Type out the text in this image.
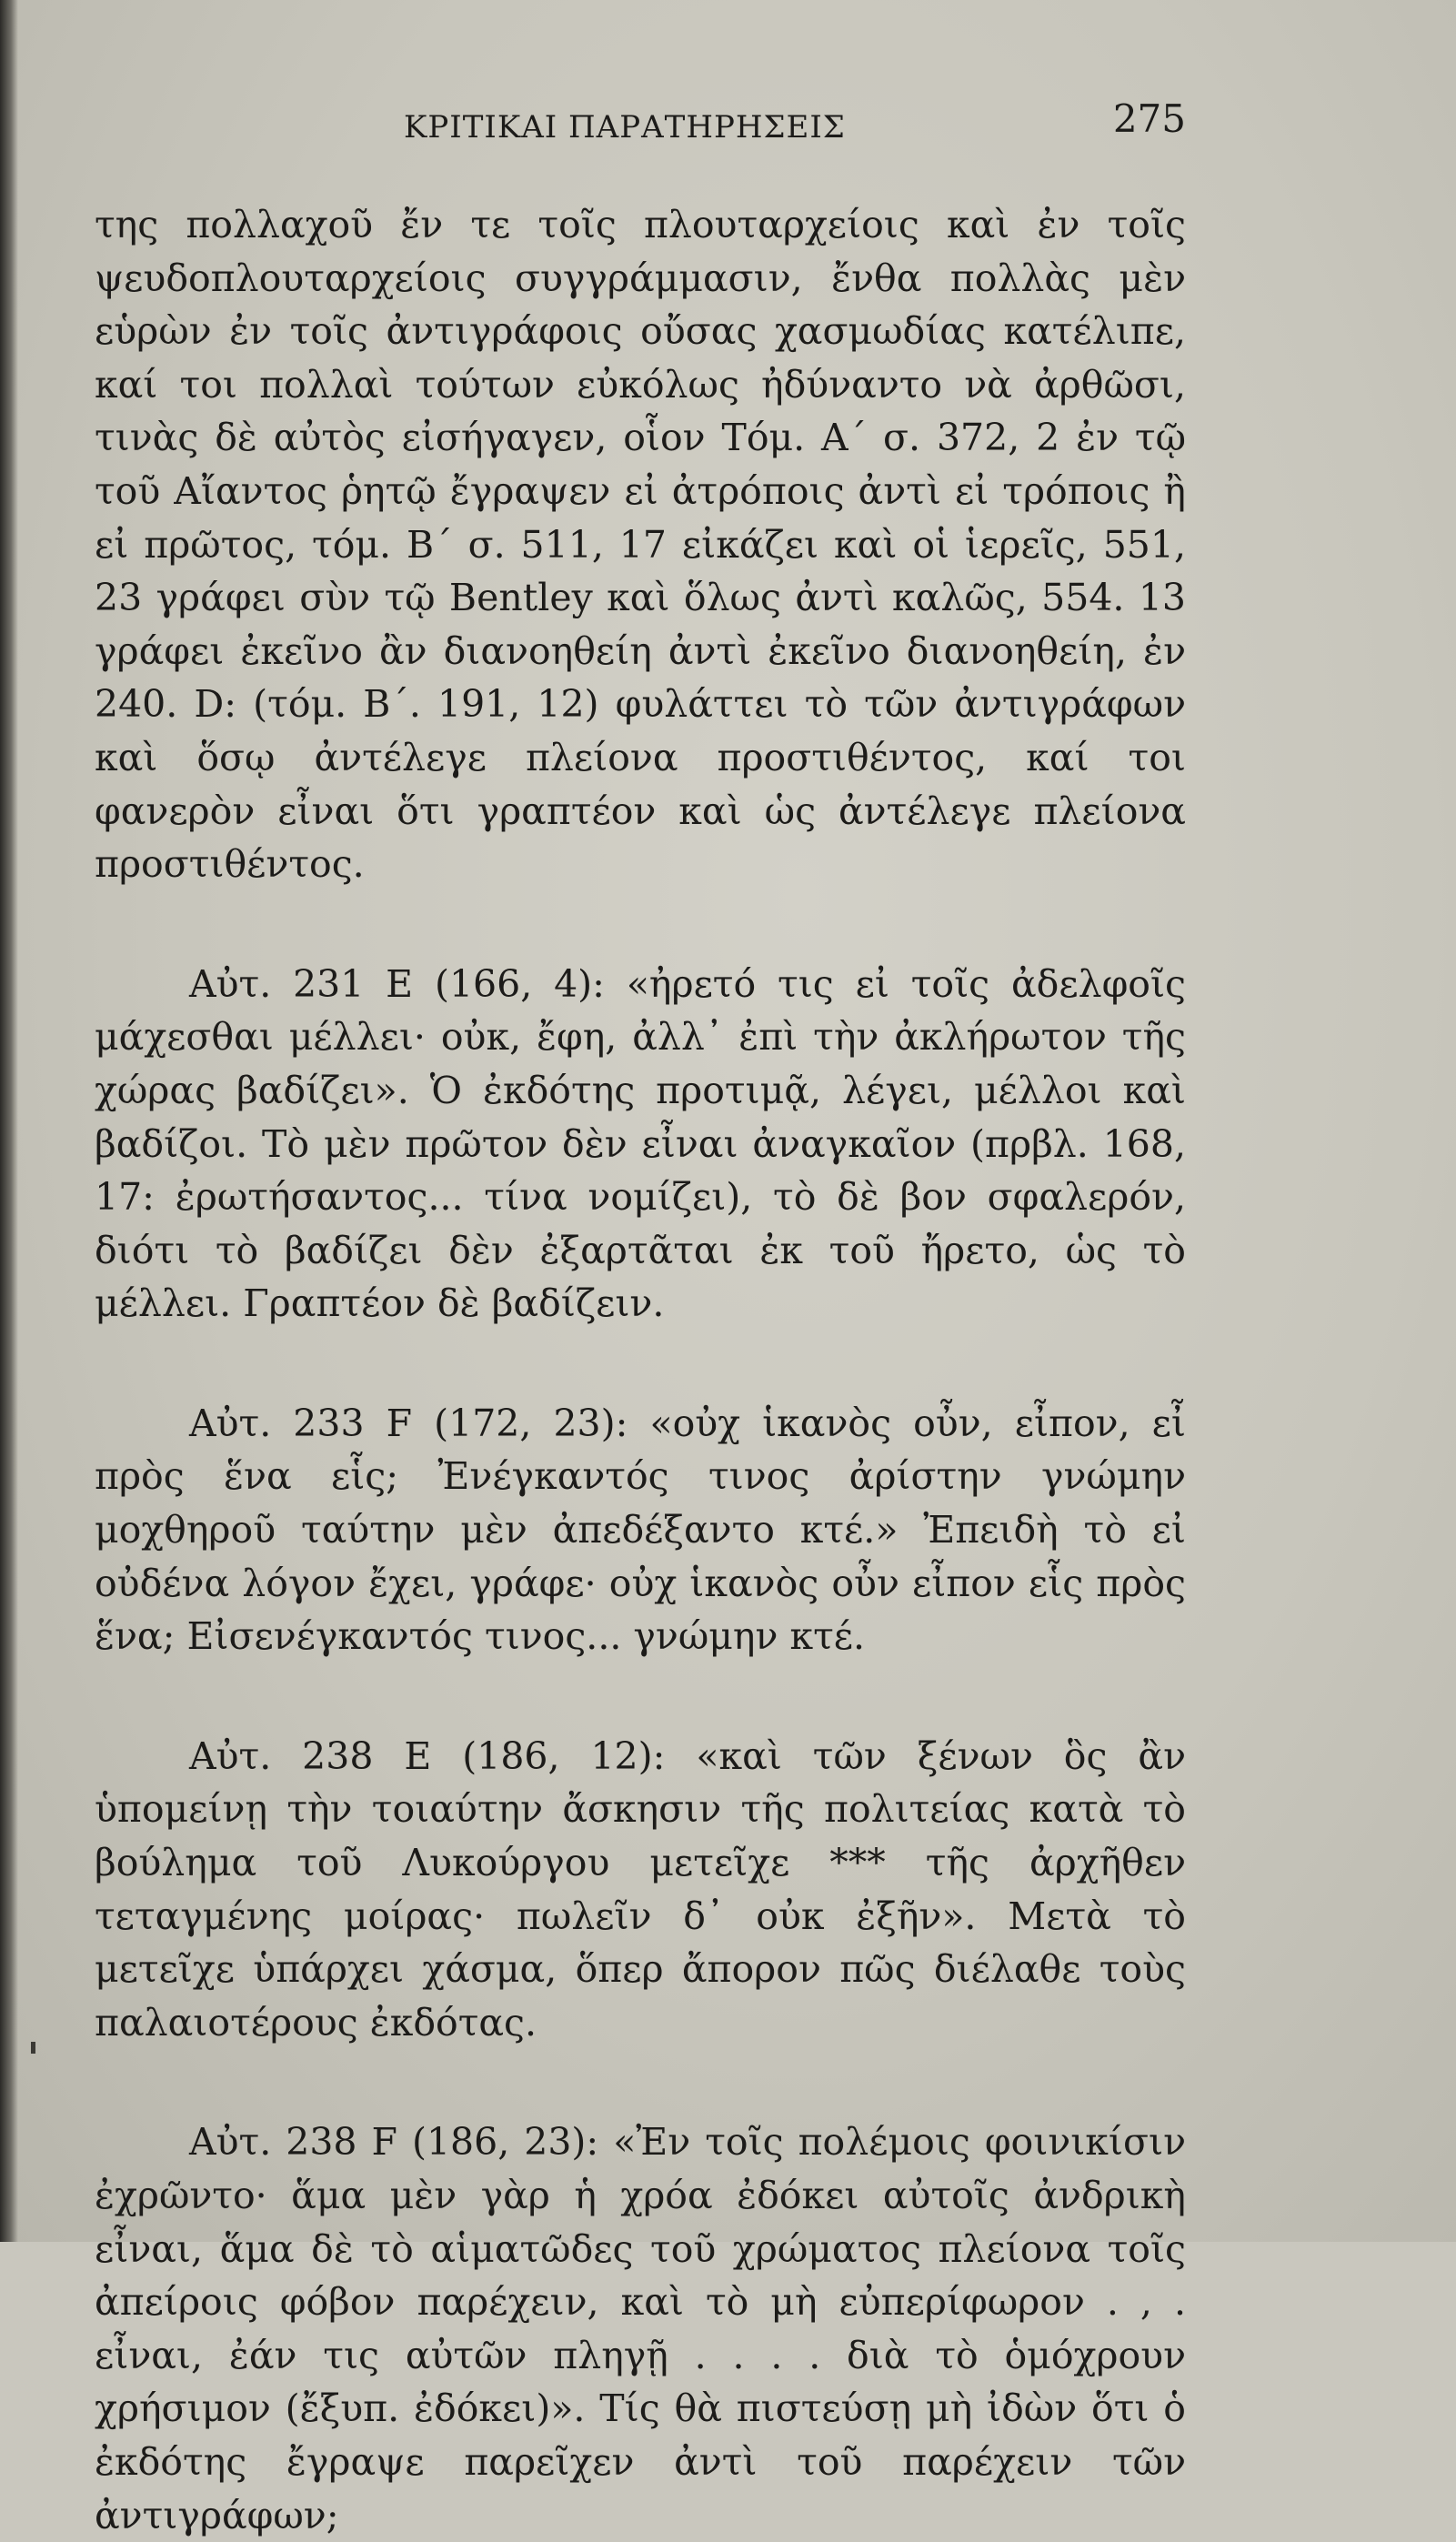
ΚΡΙΤΙΚΑΙ ΠΑΡΑΤΗΡΗΣΕΙΣ	275

της πολλαχοῦ ἔν τε τοῖς πλουταρχείοις καὶ ἐν τοῖς ψευδοπλουταρχείοις συγγράμμασιν, ἔνθα πολλὰς μὲν εὑρὼν ἐν τοῖς ἀντιγράφοις οὔσας χασμωδίας κατέλιπε, καί τοι πολλαὶ τούτων εὐκόλως ἠδύναντο νὰ ἀρθῶσι, τινὰς δὲ αὐτὸς εἰσήγαγεν, οἷον Τόμ. Α΄ σ. 372, 2 ἐν τῷ τοῦ Αἴαντος ῥητῷ ἔγραψεν εἰ ἀτρόποις ἀντὶ εἰ τρόποις ἢ εἰ πρῶτος, τόμ. Β΄ σ. 511, 17 εἰκάζει καὶ οἱ ἱερεῖς, 551, 23 γράφει σὺν τῷ Bentley καὶ ὅλως ἀντὶ καλῶς, 554. 13 γράφει ἐκεῖνο ἂν διανοηθείη ἀντὶ ἐκεῖνο διανοηθείη, ἐν 240. D: (τόμ. Β΄. 191, 12) φυλάττει τὸ τῶν ἀντιγράφων καὶ ὅσῳ ἀντέλεγε πλείονα προστιθέντος, καί τοι φανερὸν εἶναι ὅτι γραπτέον καὶ ὡς ἀντέλεγε πλείονα προστιθέντος.

Αὐτ. 231 Ε (166, 4): «ἠρετό τις εἰ τοῖς ἀδελφοῖς μάχεσθαι μέλλει· οὐκ, ἔφη, ἀλλ᾽ ἐπὶ τὴν ἀκλήρωτον τῆς χώρας βαδίζει». Ὁ ἐκδότης προτιμᾷ, λέγει, μέλλοι καὶ βαδίζοι. Τὸ μὲν πρῶτον δὲν εἶναι ἀναγκαῖον (πρβλ. 168, 17: ἐρωτήσαντος... τίνα νομίζει), τὸ δὲ βον σφαλερόν, διότι τὸ βαδίζει δὲν ἐξαρτᾶται ἐκ τοῦ ἤρετο, ὡς τὸ μέλλει. Γραπτέον δὲ βαδίζειν.

Αὐτ. 233 F (172, 23): «οὐχ ἱκανὸς οὖν, εἶπον, εἶ πρὸς ἕνα εἷς; Ἐνέγκαντός τινος ἀρίστην γνώμην μοχθηροῦ ταύτην μὲν ἀπεδέξαντο κτέ.» Ἐπειδὴ τὸ εἰ οὐδένα λόγον ἔχει, γράφε· οὐχ ἱκανὸς οὖν εἶπον εἷς πρὸς ἕνα; Εἰσενέγκαντός τινος... γνώμην κτέ.

Αὐτ. 238 Ε (186, 12): «καὶ τῶν ξένων ὃς ἂν ὑπομείνῃ τὴν τοιαύτην ἄσκησιν τῆς πολιτείας κατὰ τὸ βούλημα τοῦ Λυκούργου μετεῖχε *** τῆς ἀρχῆθεν τεταγμένης μοίρας· πωλεῖν δ᾽ οὐκ ἐξῆν». Μετὰ τὸ μετεῖχε ὑπάρχει χάσμα, ὅπερ ἄπορον πῶς διέλαθε τοὺς παλαιοτέρους ἐκδότας.

Αὐτ. 238 F (186, 23): «Ἐν τοῖς πολέμοις φοινικίσιν ἐχρῶντο· ἅμα μὲν γὰρ ἡ χρόα ἐδόκει αὐτοῖς ἀνδρικὴ εἶναι, ἅμα δὲ τὸ αἱματῶδες τοῦ χρώματος πλείονα τοῖς ἀπείροις φόβον παρέχειν, καὶ τὸ μὴ εὐπερίφωρον . , . εἶναι, ἐάν τις αὐτῶν πληγῇ . . . . διὰ τὸ ὁμόχρουν χρήσιμον (ἔξυπ. ἐδόκει)». Τίς θὰ πιστεύσῃ μὴ ἰδὼν ὅτι ὁ ἐκδότης ἔγραψε παρεῖχεν ἀντὶ τοῦ παρέχειν τῶν ἀντιγράφων;
